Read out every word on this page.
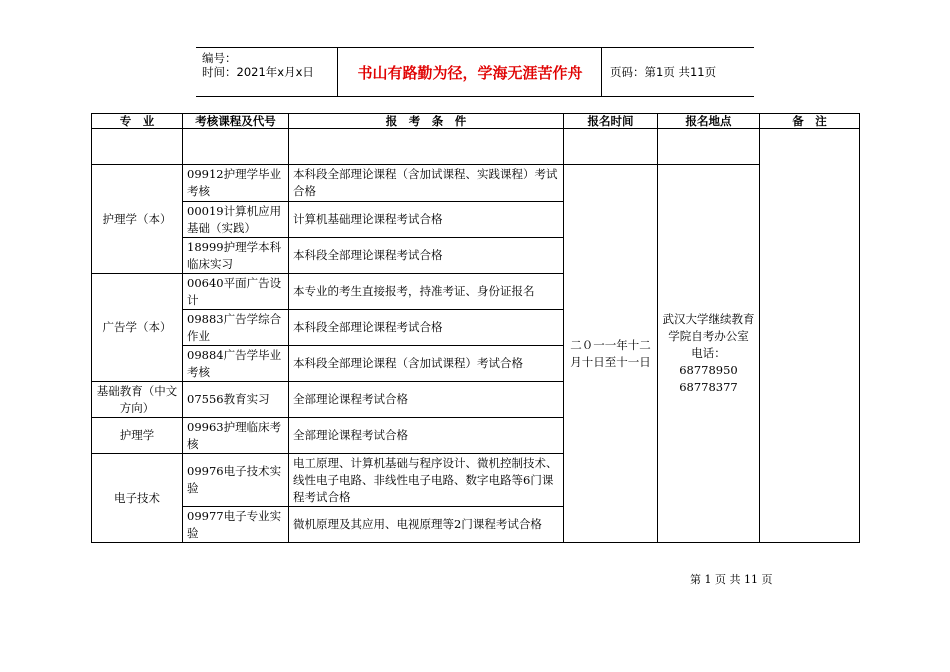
编号：
时间：2021年x月x日	书山有路勤为径，学海无涯苦作舟	页码：第1页 共11页
专　业	考核课程及代号	报　考　条　件	报名时间	报名地点	备　注

护理学（本）	09912护理学毕业考核	本科段全部理论课程（含加试课程、实践课程）考试合格	二０一一年十二月十日至十一日	武汉大学继续教育学院自考办公室
电话：68778950
68778377	

	00019计算机应用基础（实践）	计算机基础理论课程考试合格			
	18999护理学本科临床实习	本科段全部理论课程考试合格			
广告学（本）	00640平面广告设计	本专业的考生直接报考，持准考证、身份证报名			
	09883广告学综合作业	本科段全部理论课程考试合格			
	09884广告学毕业考核	本科段全部理论课程（含加试课程）考试合格			
基础教育（中文方向）	07556教育实习	全部理论课程考试合格			
护理学	09963护理临床考核	全部理论课程考试合格			
电子技术	09976电子技术实验	电工原理、计算机基础与程序设计、微机控制技术、线性电子电路、非线性电子电路、数字电路等6门课程考试合格			
	09977电子专业实验	微机原理及其应用、电视原理等2门课程考试合格			
第 1 页 共 11 页
